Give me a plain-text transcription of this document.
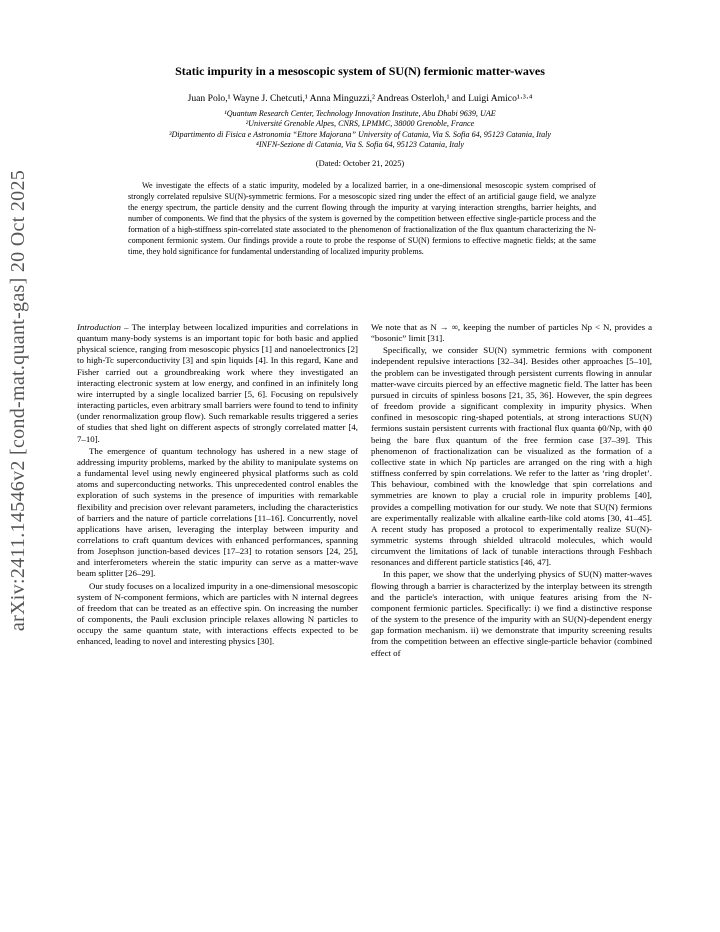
arXiv:2411.14546v2 [cond-mat.quant-gas] 20 Oct 2025
Static impurity in a mesoscopic system of SU(N) fermionic matter-waves
Juan Polo,¹ Wayne J. Chetcuti,¹ Anna Minguzzi,² Andreas Osterloh,¹ and Luigi Amico¹·³·⁴
¹Quantum Research Center, Technology Innovation Institute, Abu Dhabi 9639, UAE
²Université Grenoble Alpes, CNRS, LPMMC, 38000 Grenoble, France
³Dipartimento di Fisica e Astronomia “Ettore Majorana” University of Catania, Via S. Sofia 64, 95123 Catania, Italy
⁴INFN-Sezione di Catania, Via S. Sofia 64, 95123 Catania, Italy
(Dated: October 21, 2025)
We investigate the effects of a static impurity, modeled by a localized barrier, in a one-dimensional mesoscopic system comprised of strongly correlated repulsive SU(N)-symmetric fermions. For a mesoscopic sized ring under the effect of an artificial gauge field, we analyze the energy spectrum, the particle density and the current flowing through the impurity at varying interaction strengths, barrier heights, and number of components. We find that the physics of the system is governed by the competition between effective single-particle process and the formation of a high-stiffness spin-correlated state associated to the phenomenon of fractionalization of the flux quantum characterizing the N-component fermionic system. Our findings provide a route to probe the response of SU(N) fermions to effective magnetic fields; at the same time, they hold significance for fundamental understanding of localized impurity problems.

Introduction – The interplay between localized impurities and correlations in quantum many-body systems is an important topic for both basic and applied physical science, ranging from mesoscopic physics [1] and nanoelectronics [2] to high-Tc superconductivity [3] and spin liquids [4]. In this regard, Kane and Fisher carried out a groundbreaking work where they investigated an interacting electronic system at low energy, and confined in an infinitely long wire interrupted by a single localized barrier [5, 6]. Focusing on repulsively interacting particles, even arbitrary small barriers were found to tend to infinity (under renormalization group flow). Such remarkable results triggered a series of studies that shed light on different aspects of strongly correlated matter [4, 7–10].

The emergence of quantum technology has ushered in a new stage of addressing impurity problems, marked by the ability to manipulate systems on a fundamental level using newly engineered physical platforms such as cold atoms and superconducting networks. This unprecedented control enables the exploration of such systems in the presence of impurities with remarkable flexibility and precision over relevant parameters, including the characteristics of barriers and the nature of particle correlations [11–16]. Concurrently, novel applications have arisen, leveraging the interplay between impurity and correlations to craft quantum devices with enhanced performances, spanning from Josephson junction-based devices [17–23] to rotation sensors [24, 25], and interferometers wherein the static impurity can serve as a matter-wave beam splitter [26–29].

Our study focuses on a localized impurity in a one-dimensional mesoscopic system of N-component fermions, which are particles with N internal degrees of freedom that can be treated as an effective spin. On increasing the number of components, the Pauli exclusion principle relaxes allowing N particles to occupy the same quantum state, with interactions effects expected to be enhanced, leading to novel and interesting physics [30].

We note that as N → ∞, keeping the number of particles Np < N, provides a “bosonic” limit [31].

Specifically, we consider SU(N) symmetric fermions with component independent repulsive interactions [32–34]. Besides other approaches [5–10], the problem can be investigated through persistent currents flowing in annular matter-wave circuits pierced by an effective magnetic field. The latter has been pursued in circuits of spinless bosons [21, 35, 36]. However, the spin degrees of freedom provide a significant complexity in impurity physics. When confined in mesoscopic ring-shaped potentials, at strong interactions SU(N) fermions sustain persistent currents with fractional flux quanta ϕ0/Np, with ϕ0 being the bare flux quantum of the free fermion case [37–39]. This phenomenon of fractionalization can be visualized as the formation of a collective state in which Np particles are arranged on the ring with a high stiffness conferred by spin correlations. We refer to the latter as ‘ring droplet’. This behaviour, combined with the knowledge that spin correlations and symmetries are known to play a crucial role in impurity problems [40], provides a compelling motivation for our study. We note that SU(N) fermions are experimentally realizable with alkaline earth-like cold atoms [30, 41–45]. A recent study has proposed a protocol to experimentally realize SU(N)-symmetric systems through shielded ultracold molecules, which would circumvent the limitations of lack of tunable interactions through Feshbach resonances and different particle statistics [46, 47].

In this paper, we show that the underlying physics of SU(N) matter-waves flowing through a barrier is characterized by the interplay between its strength and the particle's interaction, with unique features arising from the N-component fermionic particles. Specifically: i) we find a distinctive response of the system to the presence of the impurity with an SU(N)-dependent energy gap formation mechanism. ii) we demonstrate that impurity screening results from the competition between an effective single-particle behavior (combined effect of
